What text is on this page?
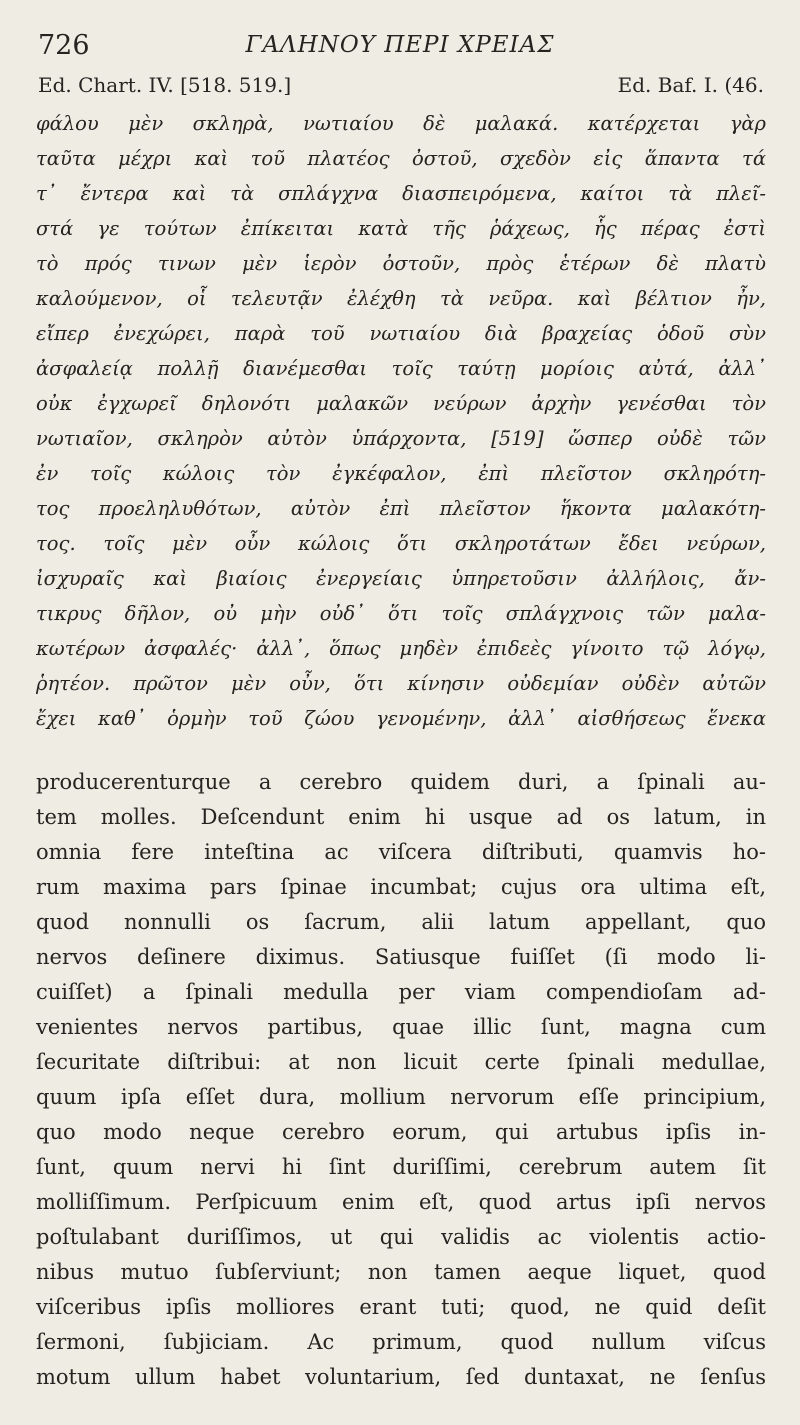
726	ΓΑΛΗΝΟΥ ΠΕΡΙ ΧΡΕΙΑΣ
Ed. Chart. IV. [518. 519.]	Ed. Baf. I. (46.
φάλου μὲν σκληρὰ, νωτιαίου δὲ μαλακά. κατέρχεται γὰρ
ταῦτα μέχρι καὶ τοῦ πλατέος ὀστοῦ, σχεδὸν εἰς ἅπαντα τά
τ᾽ ἔντερα καὶ τὰ σπλάγχνα διασπειρόμενα, καίτοι τὰ πλεῖ-
στά γε τούτων ἐπίκειται κατὰ τῆς ῥάχεως, ἧς πέρας ἐστὶ
τὸ πρός τινων μὲν ἱερὸν ὀστοῦν, πρὸς ἑτέρων δὲ πλατὺ
καλούμενον, οἷ τελευτᾷν ἐλέχθη τὰ νεῦρα. καὶ βέλτιον ἦν,
εἴπερ ἐνεχώρει, παρὰ τοῦ νωτιαίου διὰ βραχείας ὁδοῦ σὺν
ἀσφαλείᾳ πολλῇ διανέμεσθαι τοῖς ταύτῃ μορίοις αὐτά, ἀλλ᾽
οὐκ ἐγχωρεῖ δηλονότι μαλακῶν νεύρων ἀρχὴν γενέσθαι τὸν
νωτιαῖον, σκληρὸν αὐτὸν ὑπάρχοντα, [519] ὥσπερ οὐδὲ τῶν
ἐν τοῖς κώλοις τὸν ἐγκέφαλον, ἐπὶ πλεῖστον σκληρότη-
τος προεληλυθότων, αὐτὸν ἐπὶ πλεῖστον ἥκοντα μαλακότη-
τος. τοῖς μὲν οὖν κώλοις ὅτι σκληροτάτων ἔδει νεύρων,
ἰσχυραῖς καὶ βιαίοις ἐνεργείαις ὑπηρετοῦσιν ἀλλήλοις, ἄν-
τικρυς δῆλον, οὐ μὴν οὐδ᾽ ὅτι τοῖς σπλάγχνοις τῶν μαλα-
κωτέρων ἀσφαλές· ἀλλ᾽, ὅπως μηδὲν ἐπιδεὲς γίνοιτο τῷ λόγῳ,
ῥητέον. πρῶτον μὲν οὖν, ὅτι κίνησιν οὐδεμίαν οὐδὲν αὐτῶν
ἔχει καθ᾽ ὁρμὴν τοῦ ζώου γενομένην, ἀλλ᾽ αἰσθήσεως ἕνεκα
producerenturque a cerebro quidem duri, a ſpinali au-
tem molles. Deſcendunt enim hi usque ad os latum, in
omnia fere inteſtina ac viſcera diſtributi, quamvis ho-
rum maxima pars ſpinae incumbat; cujus ora ultima eſt,
quod nonnulli os ſacrum, alii latum appellant, quo
nervos deſinere diximus. Satiusque fuiſſet (ſi modo li-
cuiſſet) a ſpinali medulla per viam compendioſam ad-
venientes nervos partibus, quae illic ſunt, magna cum
ſecuritate diſtribui: at non licuit certe ſpinali medullae,
quum ipſa eſſet dura, mollium nervorum eſſe principium,
quo modo neque cerebro eorum, qui artubus ipſis in-
ſunt, quum nervi hi ſint duriſſimi, cerebrum autem ſit
molliſſimum. Perſpicuum enim eſt, quod artus ipſi nervos
poſtulabant duriſſimos, ut qui validis ac violentis actio-
nibus mutuo ſubſerviunt; non tamen aeque liquet, quod
viſceribus ipſis molliores erant tuti; quod, ne quid deſit
ſermoni, ſubjiciam. Ac primum, quod nullum viſcus
motum ullum habet voluntarium, ſed duntaxat, ne ſenſus
